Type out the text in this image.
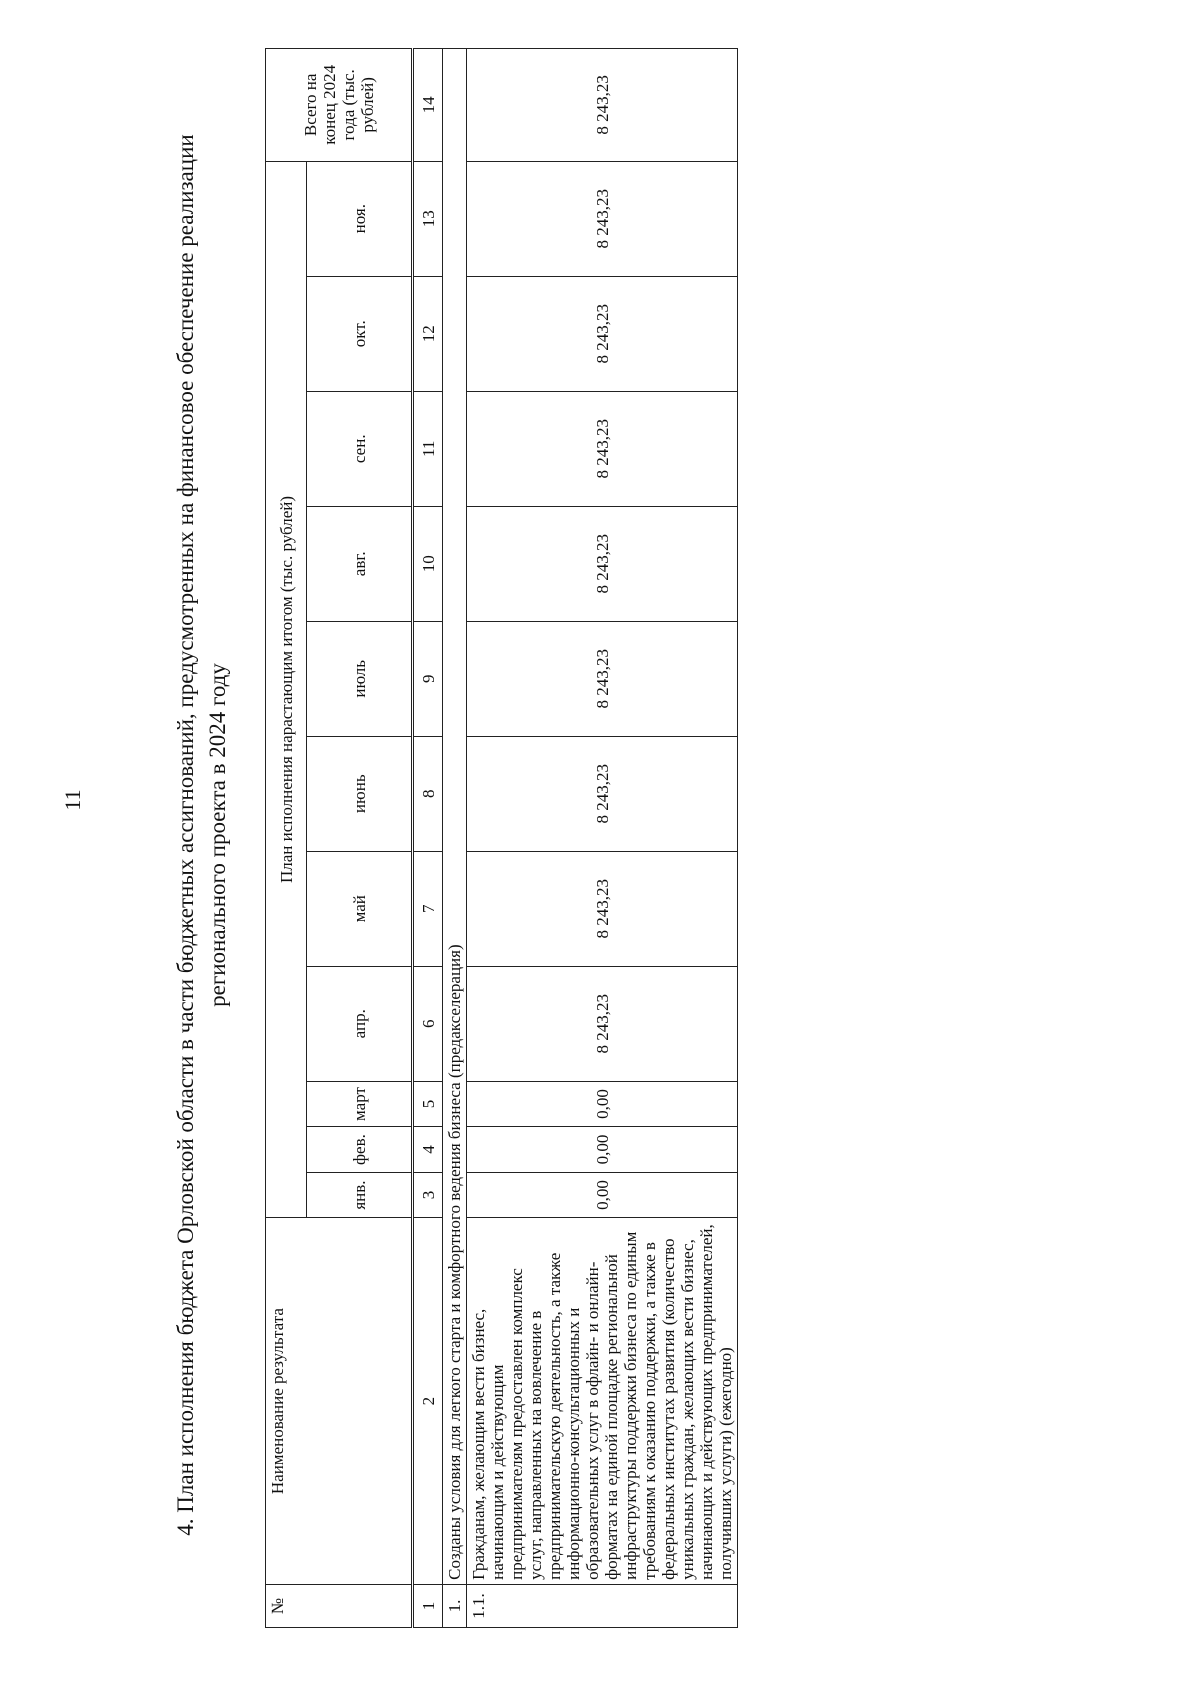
11	4. План исполнения бюджета Орловской области в части бюджетных ассигнований, предусмотренных на финансовое обеспечение реализации регионального проекта в 2024 году
№	Наименование результата	План исполнения нарастающим итогом (тыс. рублей)											Всего на конец 2024 года (тыс. рублей)
		янв.	фев.	март	апр.	май	июнь	июль	авг.	сен.	окт.	ноя.	
1	2	3	4	5	6	7	8	9	10	11	12	13	14
1.	Созданы условия для легкого старта и комфортного ведения бизнеса (предакселерация)												
1.1.	Гражданам, желающим вести бизнес, начинающим и действующим предпринимателям предоставлен комплекс услуг, направленных на вовлечение в предпринимательскую деятельность, а также информационно-консультационных и образовательных услуг в офлайн- и онлайн-форматах на единой площадке региональной инфраструктуры поддержки бизнеса по единым требованиям к оказанию поддержки, а также в федеральных институтах развития (количество уникальных граждан, желающих вести бизнес, начинающих и действующих предпринимателей, получивших услуги) (ежегодно)	0,00	0,00	0,00	8 243,23	8 243,23	8 243,23	8 243,23	8 243,23	8 243,23	8 243,23	8 243,23	8 243,23
